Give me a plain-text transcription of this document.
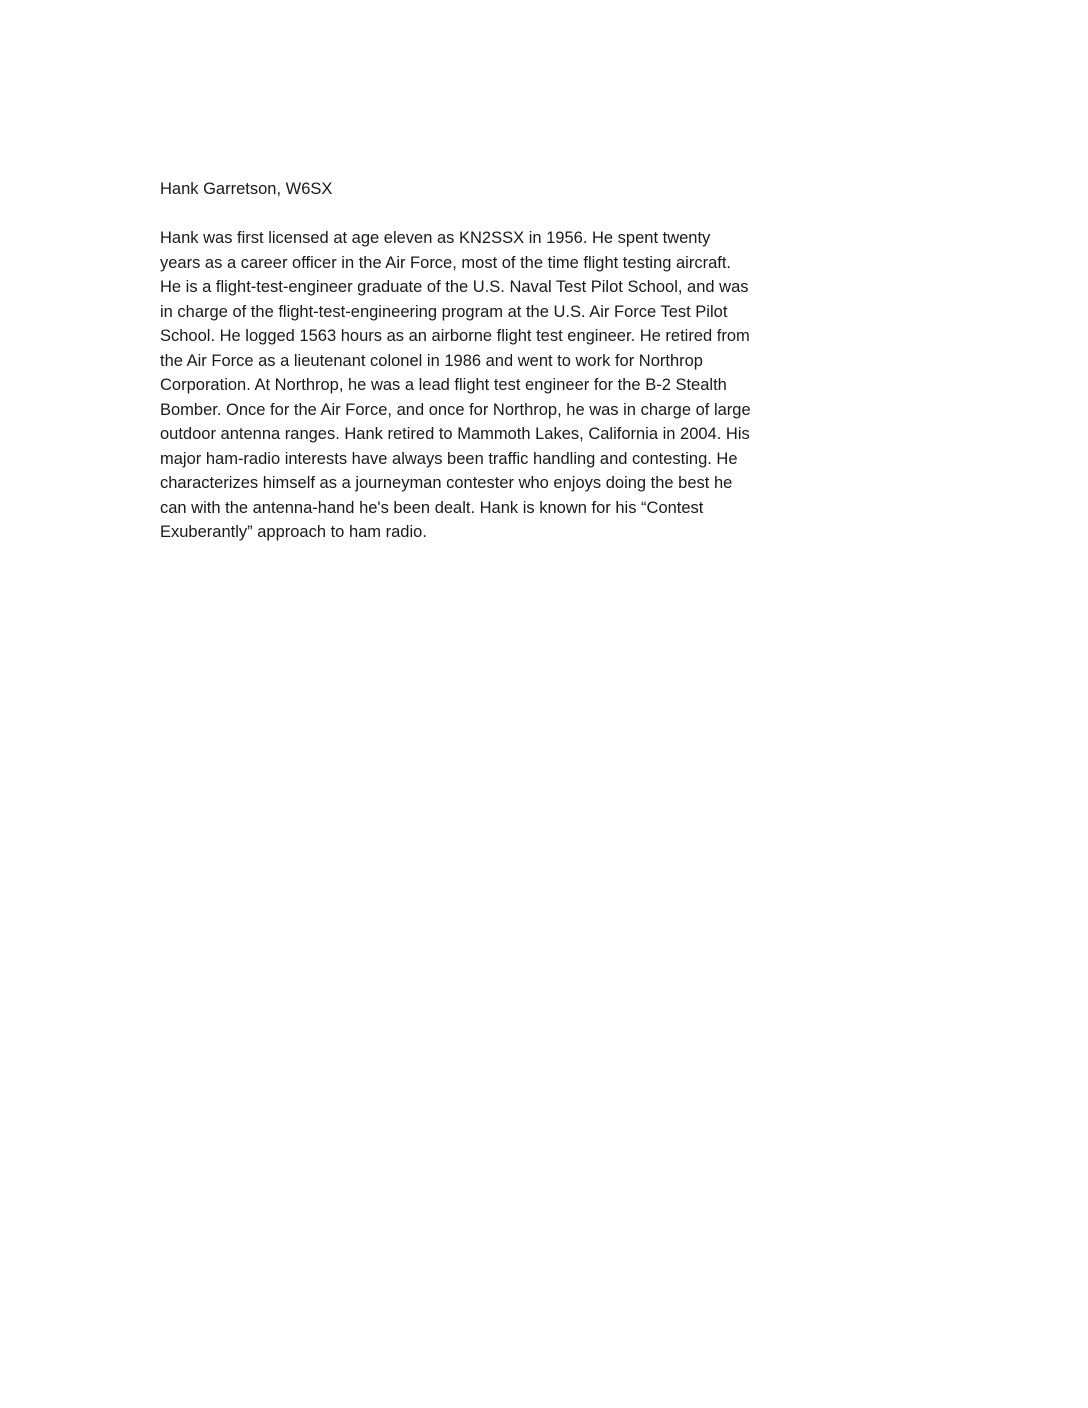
Hank Garretson, W6SX
Hank was first licensed at age eleven as KN2SSX in 1956. He spent twenty
years as a career officer in the Air Force, most of the time flight testing aircraft.
He is a flight-test-engineer graduate of the U.S. Naval Test Pilot School, and was
in charge of the flight-test-engineering program at the U.S. Air Force Test Pilot
School. He logged 1563 hours as an airborne flight test engineer. He retired from
the Air Force as a lieutenant colonel in 1986 and went to work for Northrop
Corporation. At Northrop, he was a lead flight test engineer for the B-2 Stealth
Bomber. Once for the Air Force, and once for Northrop, he was in charge of large
outdoor antenna ranges. Hank retired to Mammoth Lakes, California in 2004. His
major ham-radio interests have always been traffic handling and contesting. He
characterizes himself as a journeyman contester who enjoys doing the best he
can with the antenna-hand he's been dealt. Hank is known for his “Contest
Exuberantly” approach to ham radio.
